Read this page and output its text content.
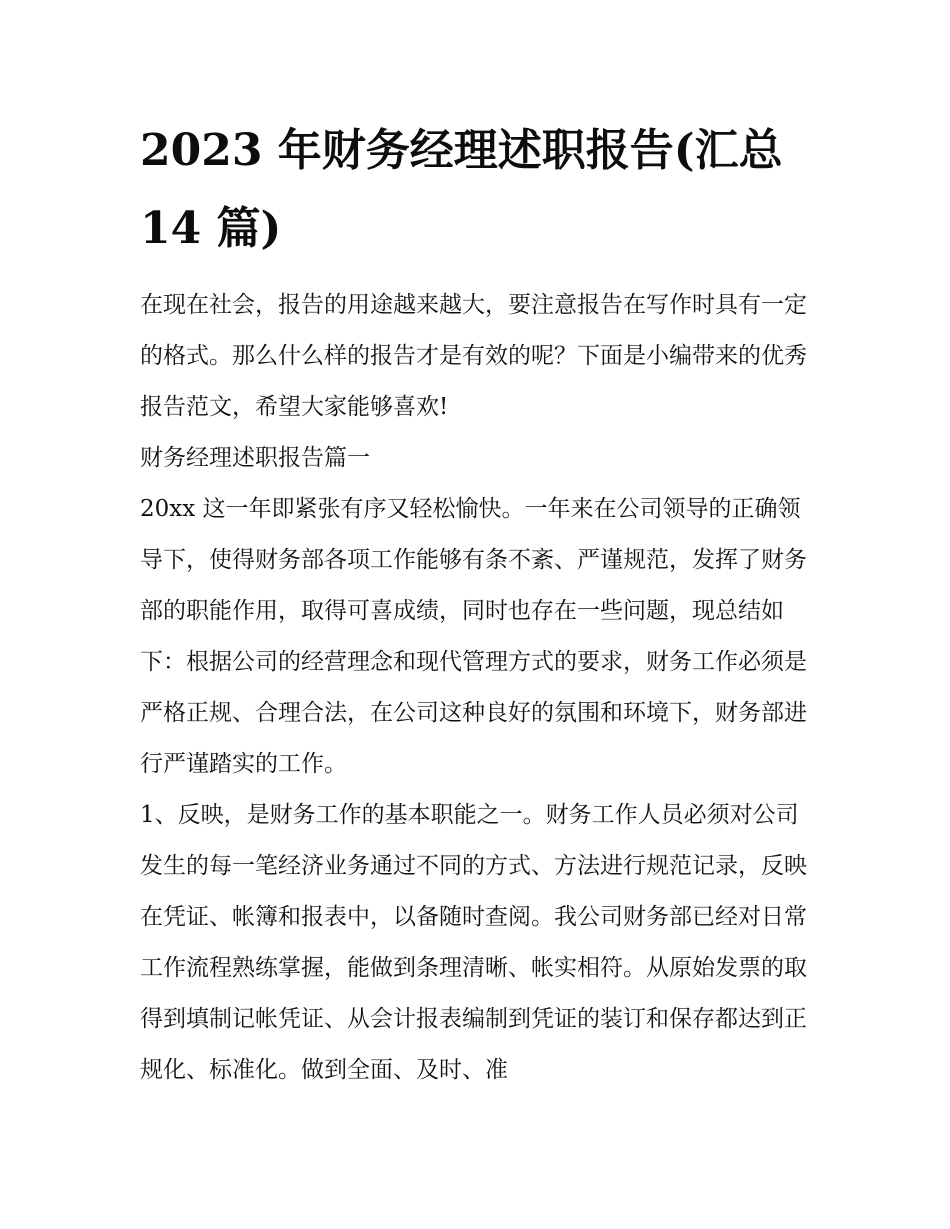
2023 年财务经理述职报告(汇总 14 篇)

在现在社会，报告的用途越来越大，要注意报告在写作时具有一定的格式。那么什么样的报告才是有效的呢？下面是小编带来的优秀报告范文，希望大家能够喜欢!

财务经理述职报告篇一

20xx 这一年即紧张有序又轻松愉快。一年来在公司领导的正确领导下，使得财务部各项工作能够有条不紊、严谨规范，发挥了财务部的职能作用，取得可喜成绩，同时也存在一些问题，现总结如下：根据公司的经营理念和现代管理方式的要求，财务工作必须是严格正规、合理合法，在公司这种良好的氛围和环境下，财务部进行严谨踏实的工作。

1、反映，是财务工作的基本职能之一。财务工作人员必须对公司发生的每一笔经济业务通过不同的方式、方法进行规范记录，反映在凭证、帐簿和报表中，以备随时查阅。我公司财务部已经对日常工作流程熟练掌握，能做到条理清晰、帐实相符。从原始发票的取得到填制记帐凭证、从会计报表编制到凭证的装订和保存都达到正规化、标准化。做到全面、及时、准
